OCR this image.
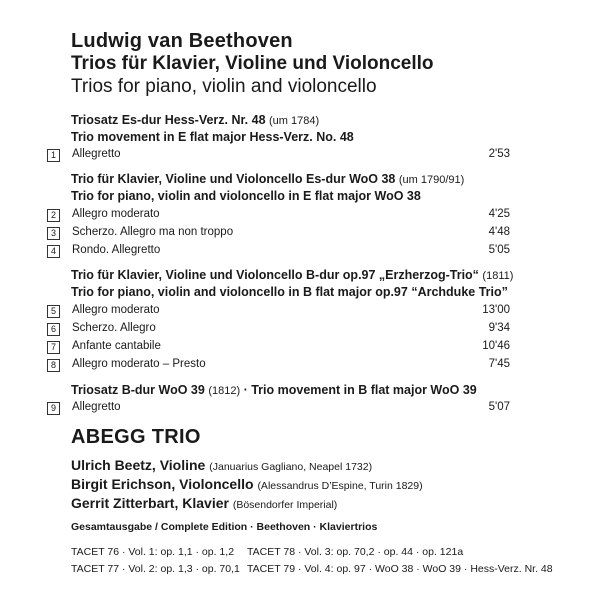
Ludwig van Beethoven
Trios für Klavier, Violine und Violoncello
Trios for piano, violin and violoncello
Triosatz Es-dur Hess-Verz. Nr. 48 (um 1784)
Trio movement in E flat major Hess-Verz. No. 48
1	Allegretto	2'53
Trio für Klavier, Violine und Violoncello Es-dur WoO 38 (um 1790/91)
Trio for piano, violin and violoncello in E flat major WoO 38
2	Allegro moderato	4'25
3	Scherzo. Allegro ma non troppo	4'48
4	Rondo. Allegretto	5'05
Trio für Klavier, Violine und Violoncello B-dur op.97 „Erzherzog-Trio“ (1811)
Trio for piano, violin and violoncello in B flat major op.97 “Archduke Trio”
5	Allegro moderato	13'00
6	Scherzo. Allegro	9'34
7	Anfante cantabile	10'46
8	Allegro moderato – Presto	7'45
Triosatz B-dur WoO 39 (1812) · Trio movement in B flat major WoO 39
9	Allegretto	5'07
ABEGG TRIO
Ulrich Beetz, Violine (Januarius Gagliano, Neapel 1732)
Birgit Erichson, Violoncello (Alessandrus D’Espine, Turin 1829)
Gerrit Zitterbart, Klavier (Bösendorfer Imperial)
Gesamtausgabe / Complete Edition · Beethoven · Klaviertrios
TACET 76 · Vol. 1: op. 1,1 · op. 1,2 TACET 78 · Vol. 3: op. 70,2 · op. 44 · op. 121a
TACET 77 · Vol. 2: op. 1,3 · op. 70,1 TACET 79 · Vol. 4: op. 97 · WoO 38 · WoO 39 · Hess-Verz. Nr. 48
